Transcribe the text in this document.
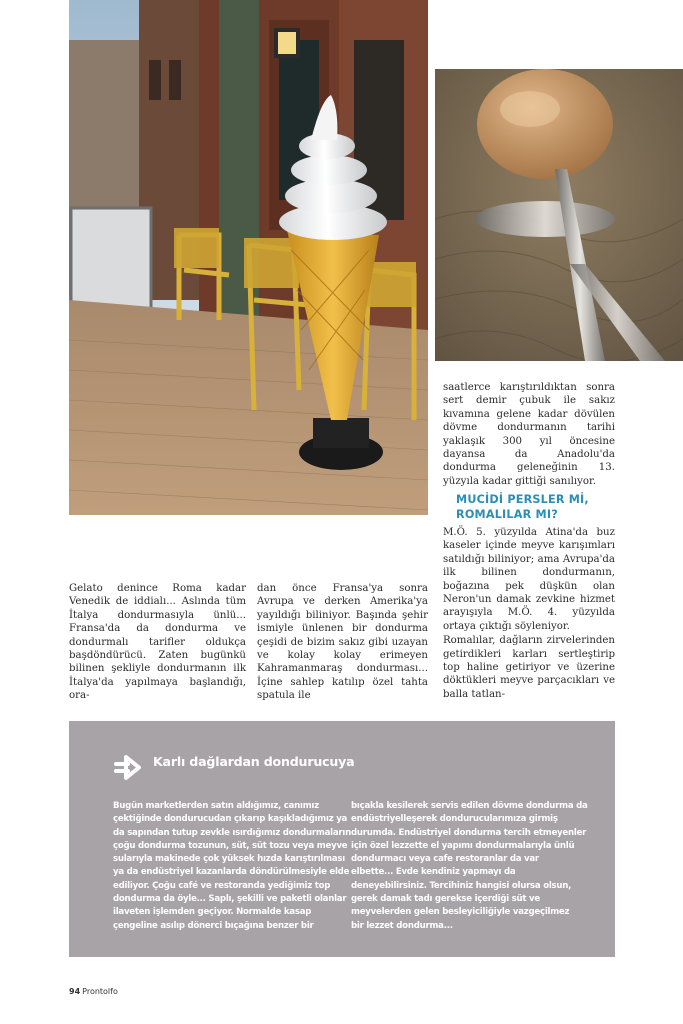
Gelato denince Roma kadar Venedik de iddialı... Aslında tüm İtalya dondurmasıyla ünlü... Fransa'da da dondurma ve dondurmalı tarifler oldukça başdöndürücü. Zaten bugünkü bilinen şekliyle dondurmanın ilk İtalya'da yapılmaya başlandığı, ora-

dan önce Fransa'ya sonra Avrupa ve derken Amerika'ya yayıldığı biliniyor. Başında şehir ismiyle ünlenen bir dondurma çeşidi de bizim sakız gibi uzayan ve kolay kolay erimeyen Kahramanmaraş dondurması... İçine sahlep katılıp özel tahta spatula ile

saatlerce karıştırıldıktan sonra sert demir çubuk ile sakız kıvamına gelene kadar dövülen dövme dondurmanın tarihi yaklaşık 300 yıl öncesine dayansa da Anadolu'da dondurma geleneğinin 13. yüzyıla kadar gittiği sanılıyor.

MUCİDİ PERSLER Mİ,
ROMALILAR MI?

M.Ö. 5. yüzyılda Atina'da buz kaseler içinde meyve karışımları satıldığı biliniyor; ama Avrupa'da ilk bilinen dondurmanın, boğazına pek düşkün olan Neron'un damak zevkine hizmet arayışıyla M.Ö. 4. yüzyılda ortaya çıktığı söyleniyor.

Romalılar, dağların zirvelerinden getirdikleri karları sertleştirip top haline getiriyor ve üzerine döktükleri meyve parçacıkları ve balla tatlan-

Karlı dağlardan dondurucuya
Bugün marketlerden satın aldığımız, canımız
çektiğinde dondurucudan çıkarıp kaşıkladığımız ya
da sapından tutup zevkle ısırdığımız dondurmaların
çoğu dondurma tozunun, süt, süt tozu veya meyve
sularıyla makinede çok yüksek hızda karıştırılması
ya da endüstriyel kazanlarda döndürülmesiyle elde
ediliyor. Çoğu café ve restoranda yediğimiz top
dondurma da öyle... Saplı, şekilli ve paketli olanlar
ilaveten işlemden geçiyor. Normalde kasap
çengeline asılıp dönerci bıçağına benzer bir
bıçakla kesilerek servis edilen dövme dondurma da
endüstriyelleşerek dondurucularımıza girmiş
durumda. Endüstriyel dondurma tercih etmeyenler
için özel lezzette el yapımı dondurmalarıyla ünlü
dondurmacı veya cafe restoranlar da var
elbette... Evde kendiniz yapmayı da
deneyebilirsiniz. Tercihiniz hangisi olursa olsun,
gerek damak tadı gerekse içerdiği süt ve
meyvelerden gelen besleyiciliğiyle vazgeçilmez
bir lezzet dondurma...
94 Prontolfo
